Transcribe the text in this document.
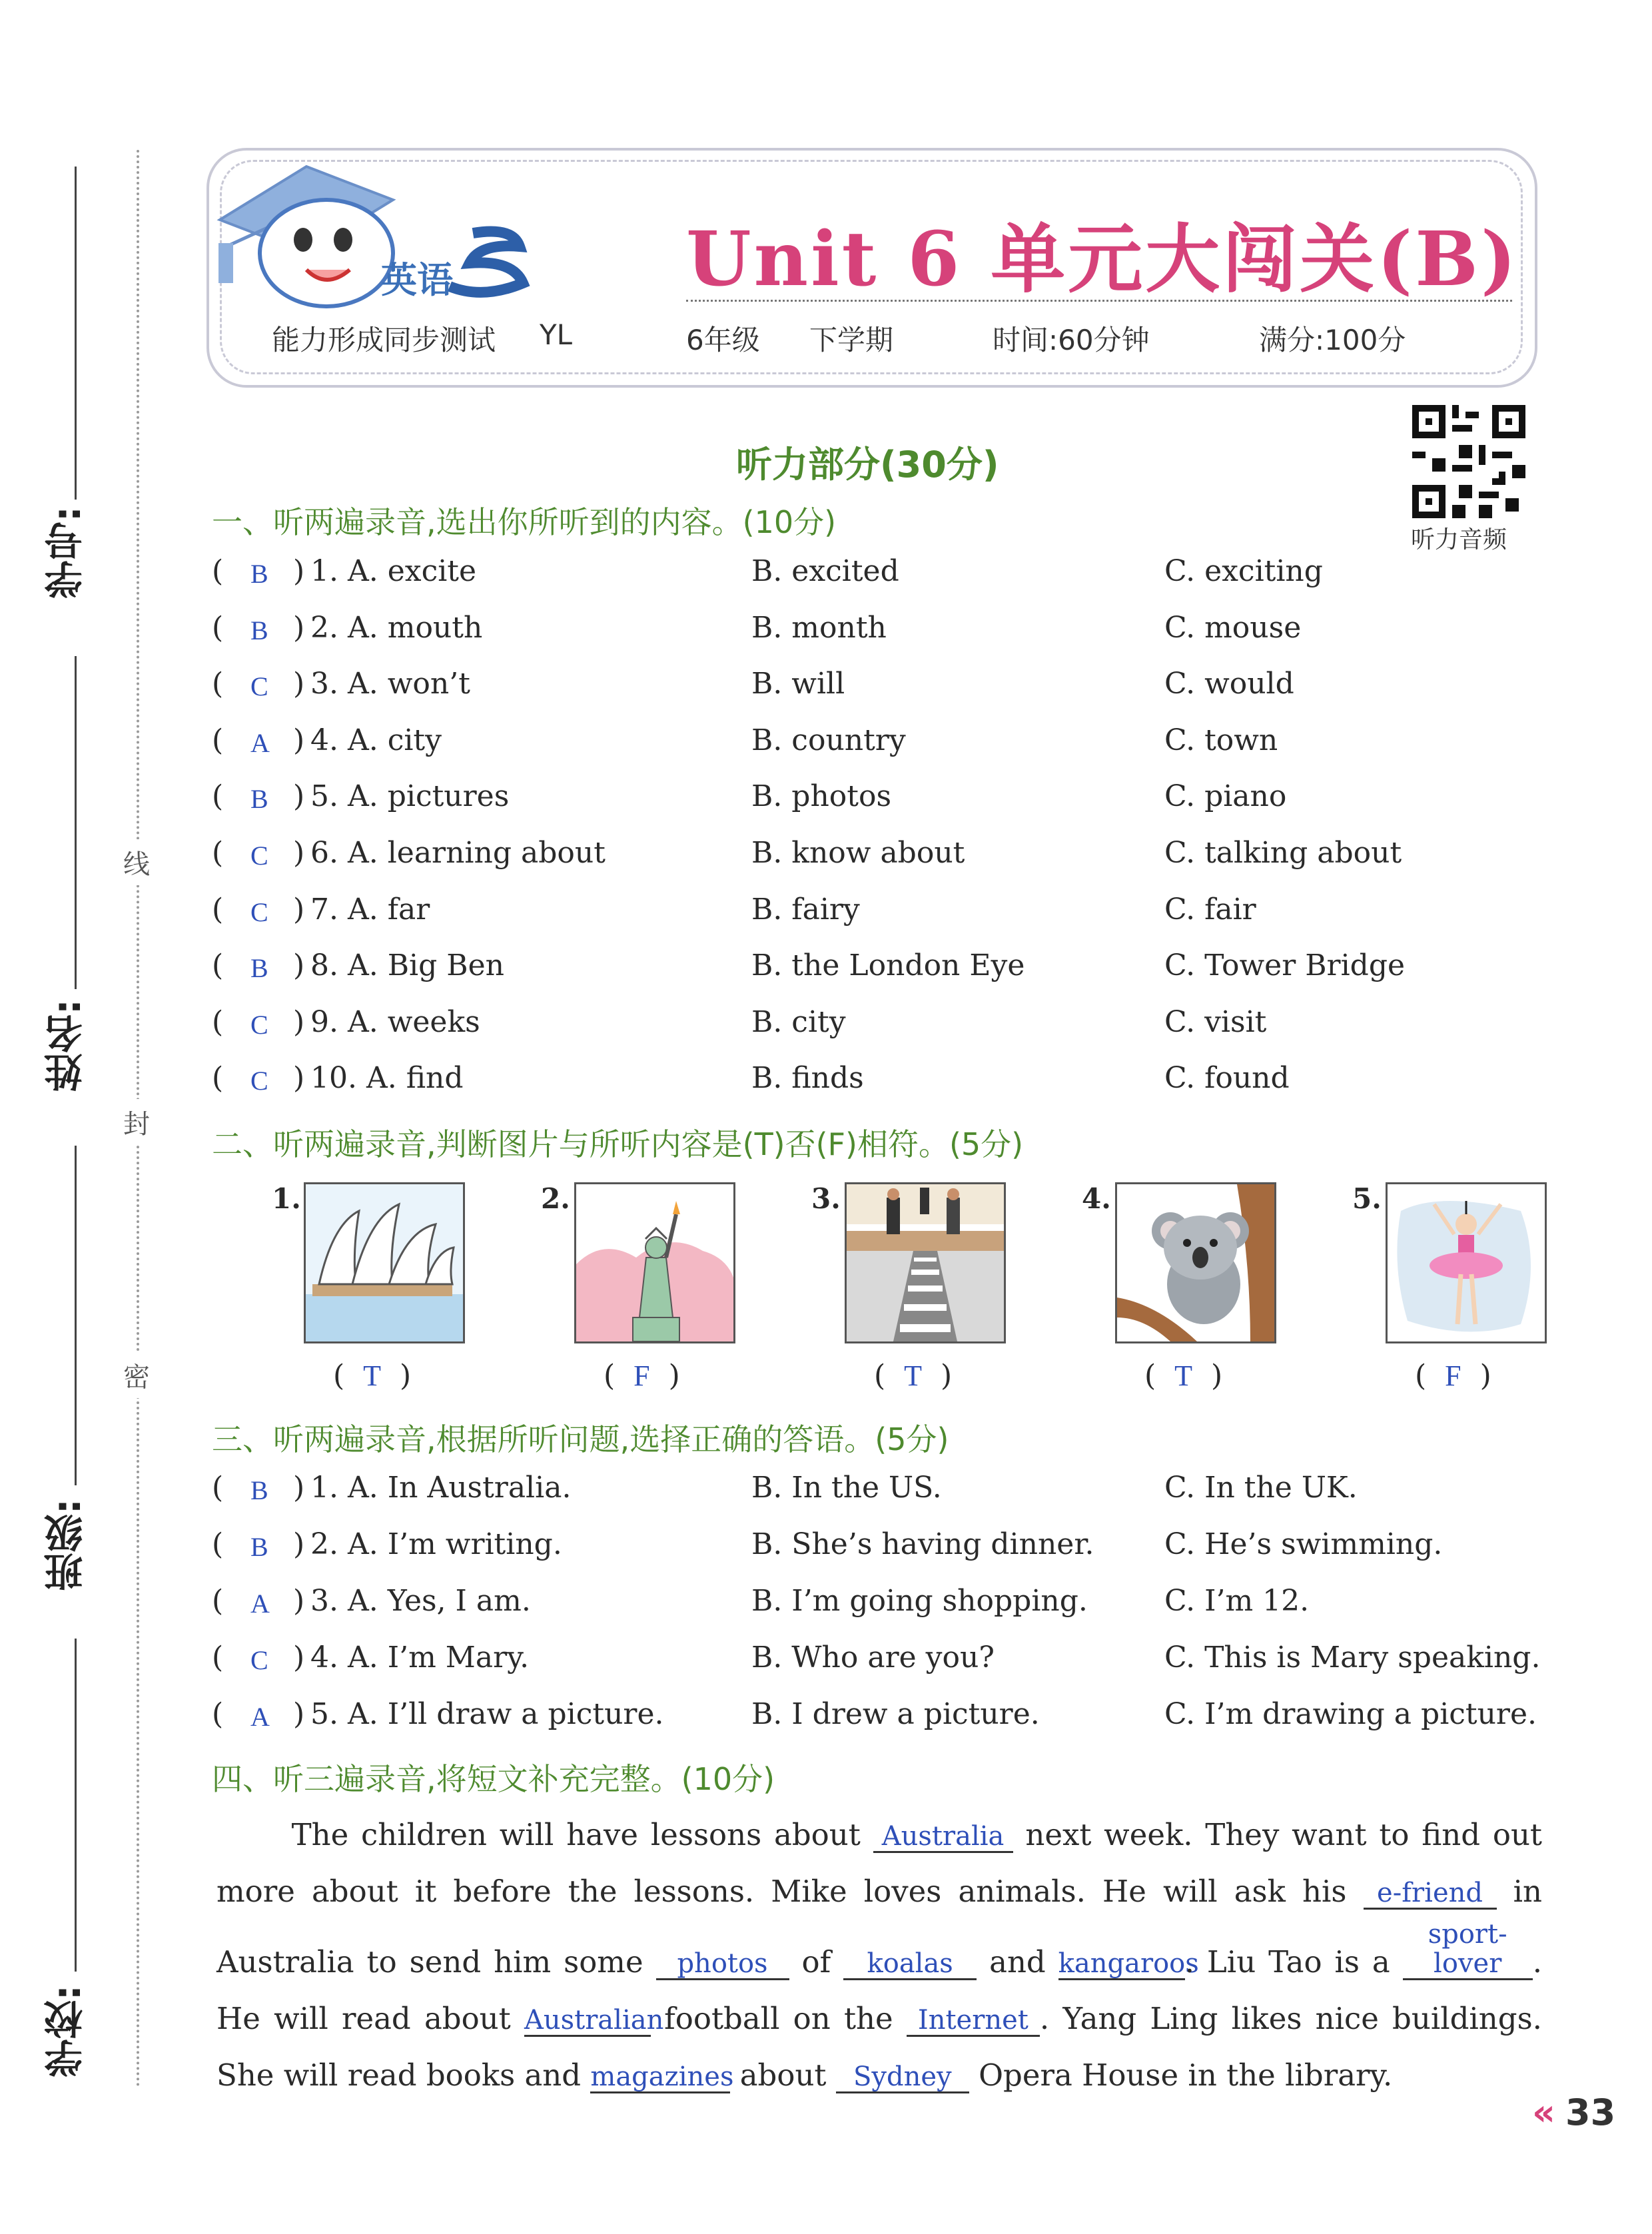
学号:
姓名:
班级:
学校:
线
封
密
英语	Unit 6 单元大闯关(B)
能力形成同步测试 YL	6年级 下学期	时间:60分钟	满分:100分
听力音频
听力部分(30分)
一、听两遍录音,选出你所听到的内容。(10分)
( B ) 1. A. excite	B. excited	C. exciting
( B ) 2. A. mouth	B. month	C. mouse
( C ) 3. A. won’t	B. will	C. would
( A ) 4. A. city	B. country	C. town
( B ) 5. A. pictures	B. photos	C. piano
( C ) 6. A. learning about	B. know about	C. talking about
( C ) 7. A. far	B. fairy	C. fair
( B ) 8. A. Big Ben	B. the London Eye	C. Tower Bridge
( C ) 9. A. weeks	B. city	C. visit
( C ) 10. A. find	B. finds	C. found
二、听两遍录音,判断图片与所听内容是(T)否(F)相符。(5分)
1.
(  T  )
2.
(  F  )
3.
(  T  )
4.
(  T  )
5.
(  F  )
三、听两遍录音,根据所听问题,选择正确的答语。(5分)
( B ) 1. A. In Australia.	B. In the US.	C. In the UK.
( B ) 2. A. I’m writing.	B. She’s having dinner. C. He’s swimming.
( A ) 3. A. Yes, I am.	B. I’m going shopping.	C. I’m 12.
( C ) 4. A. I’m Mary.	B. Who are you?	C. This is Mary speaking.
( A ) 5. A. I’ll draw a picture.	B. I drew a picture.	C. I’m drawing a picture.
四、听三遍录音,将短文补充完整。(10分)
The children will have lessons about Australia next week. They want to find out more about it before the lessons. Mike loves animals. He will ask his e-friend in Australia to send him some photos of koalas and kangaroos. Liu Tao is a sport-lover . He will read about Australian football on the Internet . Yang Ling likes nice buildings. She will read books and magazines about Sydney Opera House in the library.
« 33
